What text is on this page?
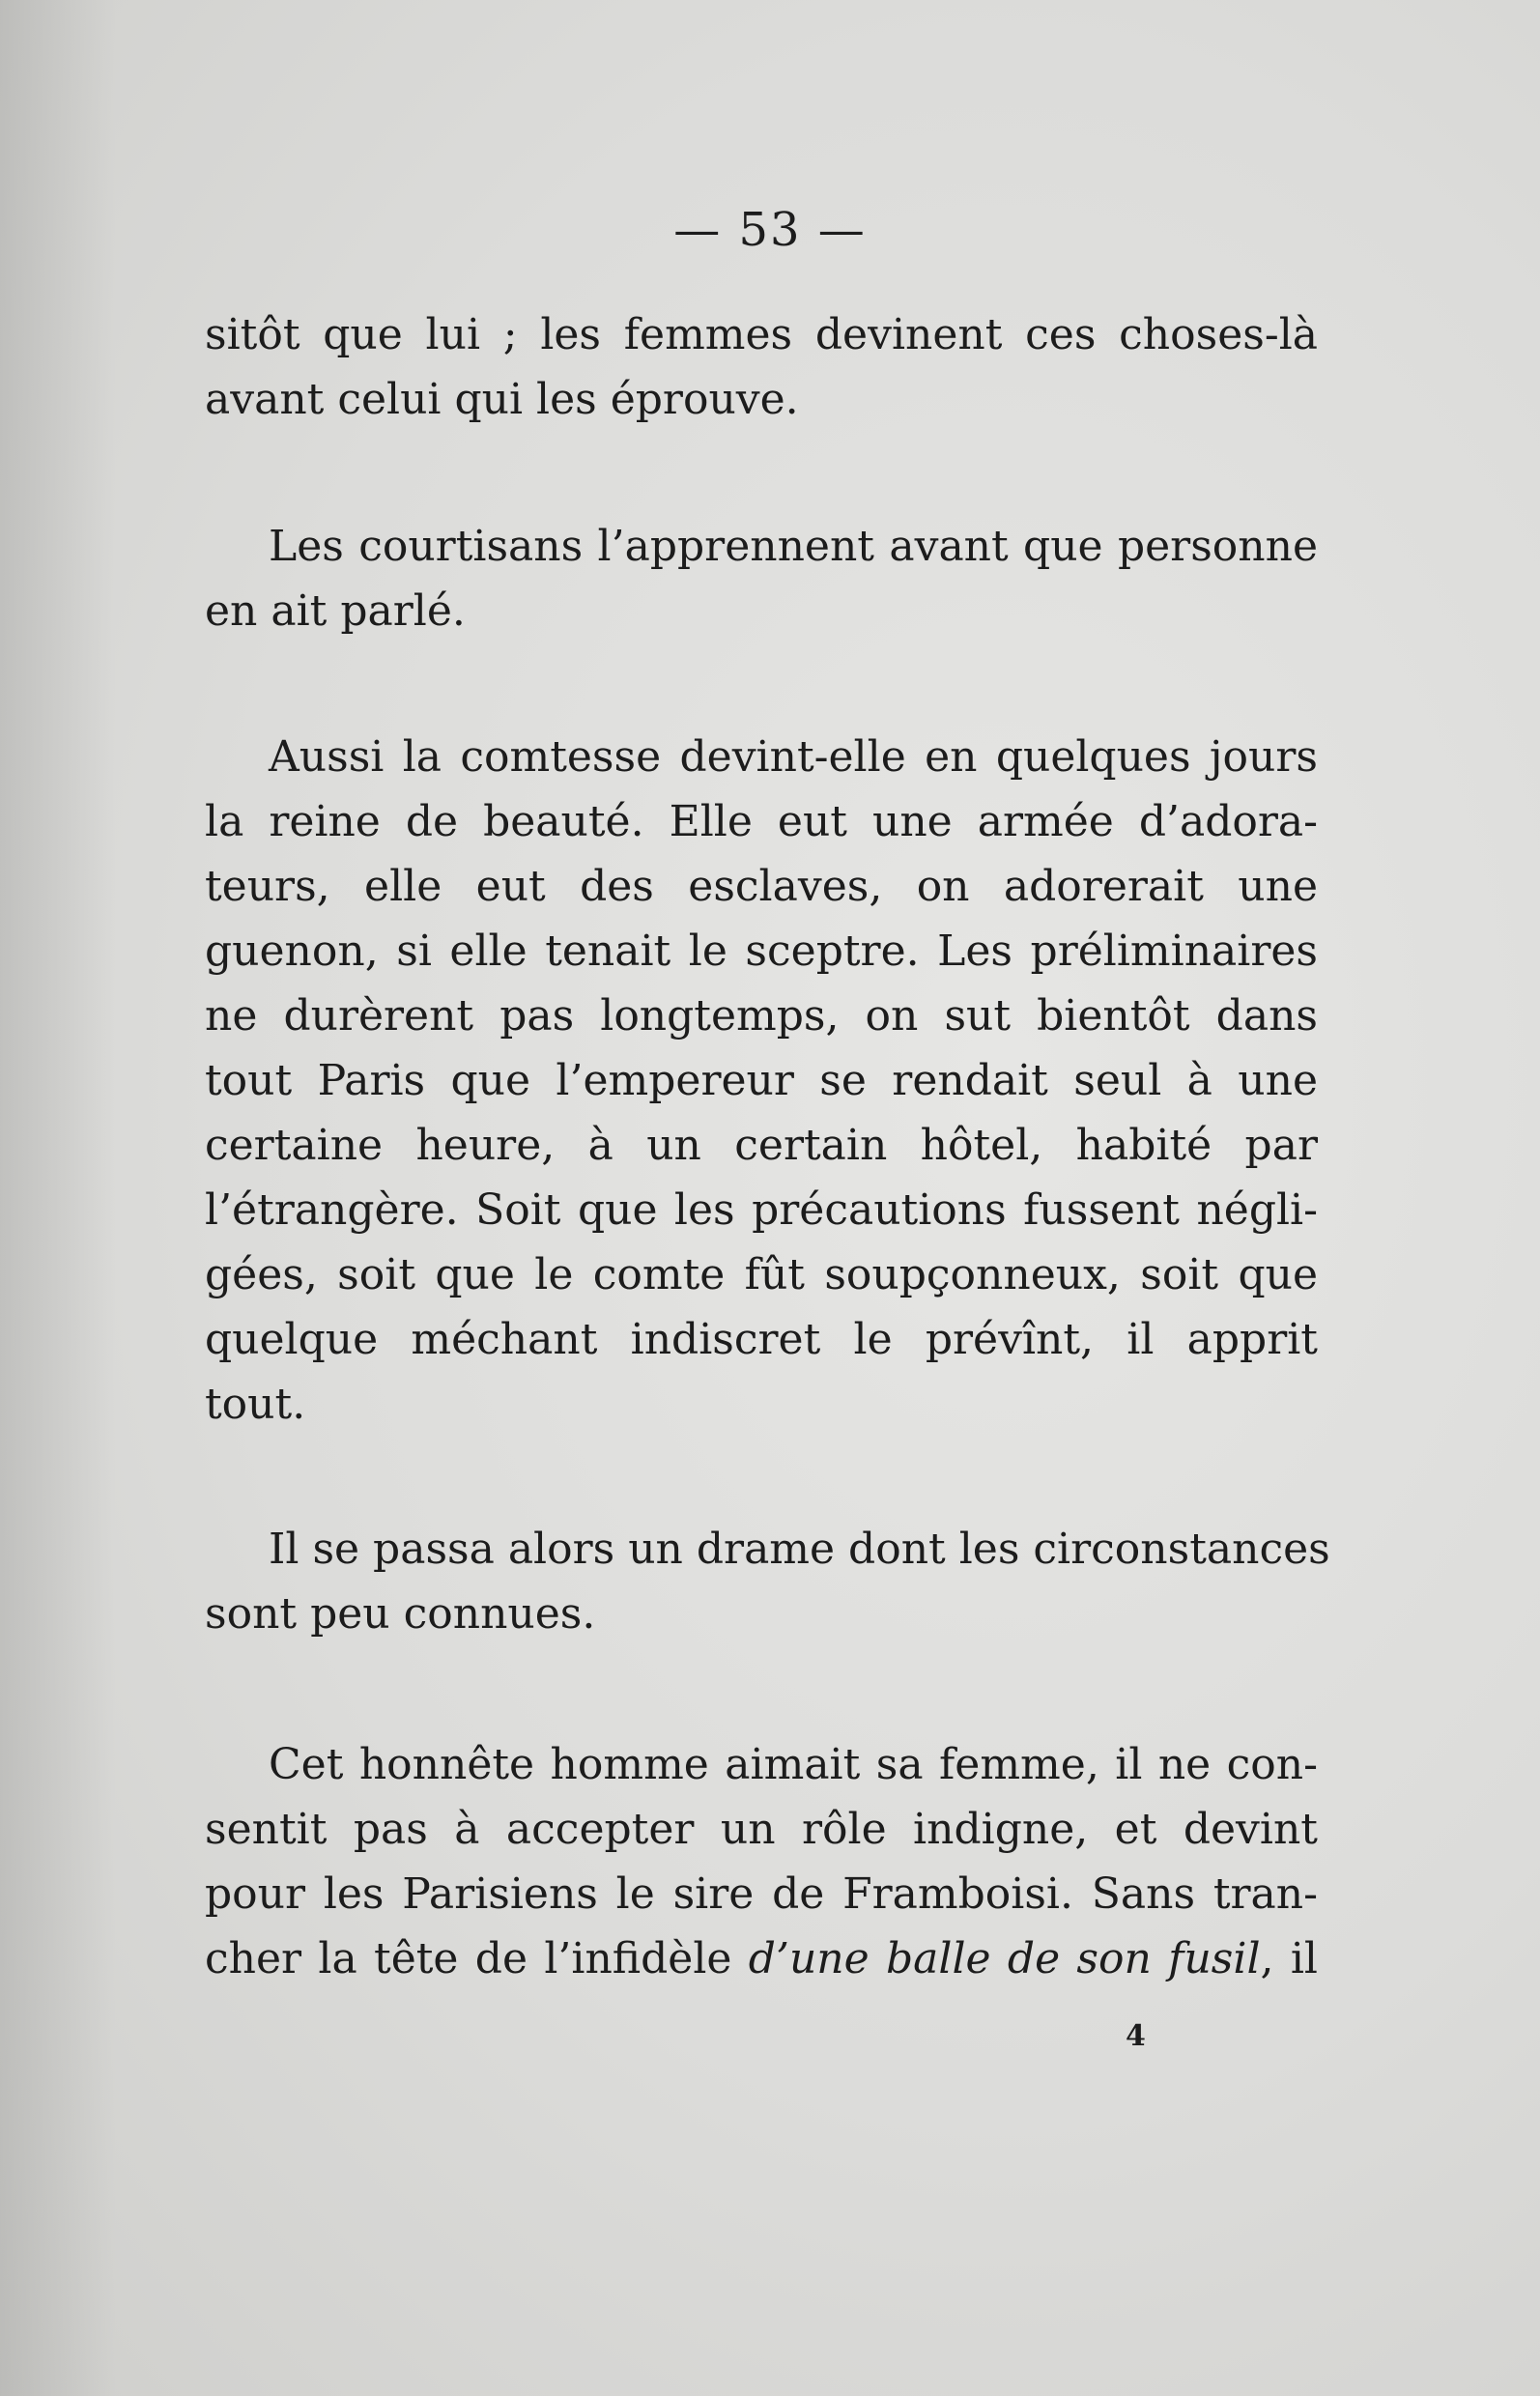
— 53 —
sitôt que lui ; les femmes devinent ces choses-là
avant celui qui les éprouve.
Les courtisans l’apprennent avant que personne
en ait parlé.
Aussi la comtesse devint-elle en quelques jours
la reine de beauté. Elle eut une armée d’adora-
teurs, elle eut des esclaves, on adorerait une
guenon, si elle tenait le sceptre. Les préliminaires
ne durèrent pas longtemps, on sut bientôt dans
tout Paris que l’empereur se rendait seul à une
certaine heure, à un certain hôtel, habité par
l’étrangère. Soit que les précautions fussent négli-
gées, soit que le comte fût soupçonneux, soit que
quelque méchant indiscret le prévînt, il apprit
tout.
Il se passa alors un drame dont les circonstances
sont peu connues.
Cet honnête homme aimait sa femme, il ne con-
sentit pas à accepter un rôle indigne, et devint
pour les Parisiens le sire de Framboisi. Sans tran-
cher la tête de l’infidèle d’une balle de son fusil, il
4
